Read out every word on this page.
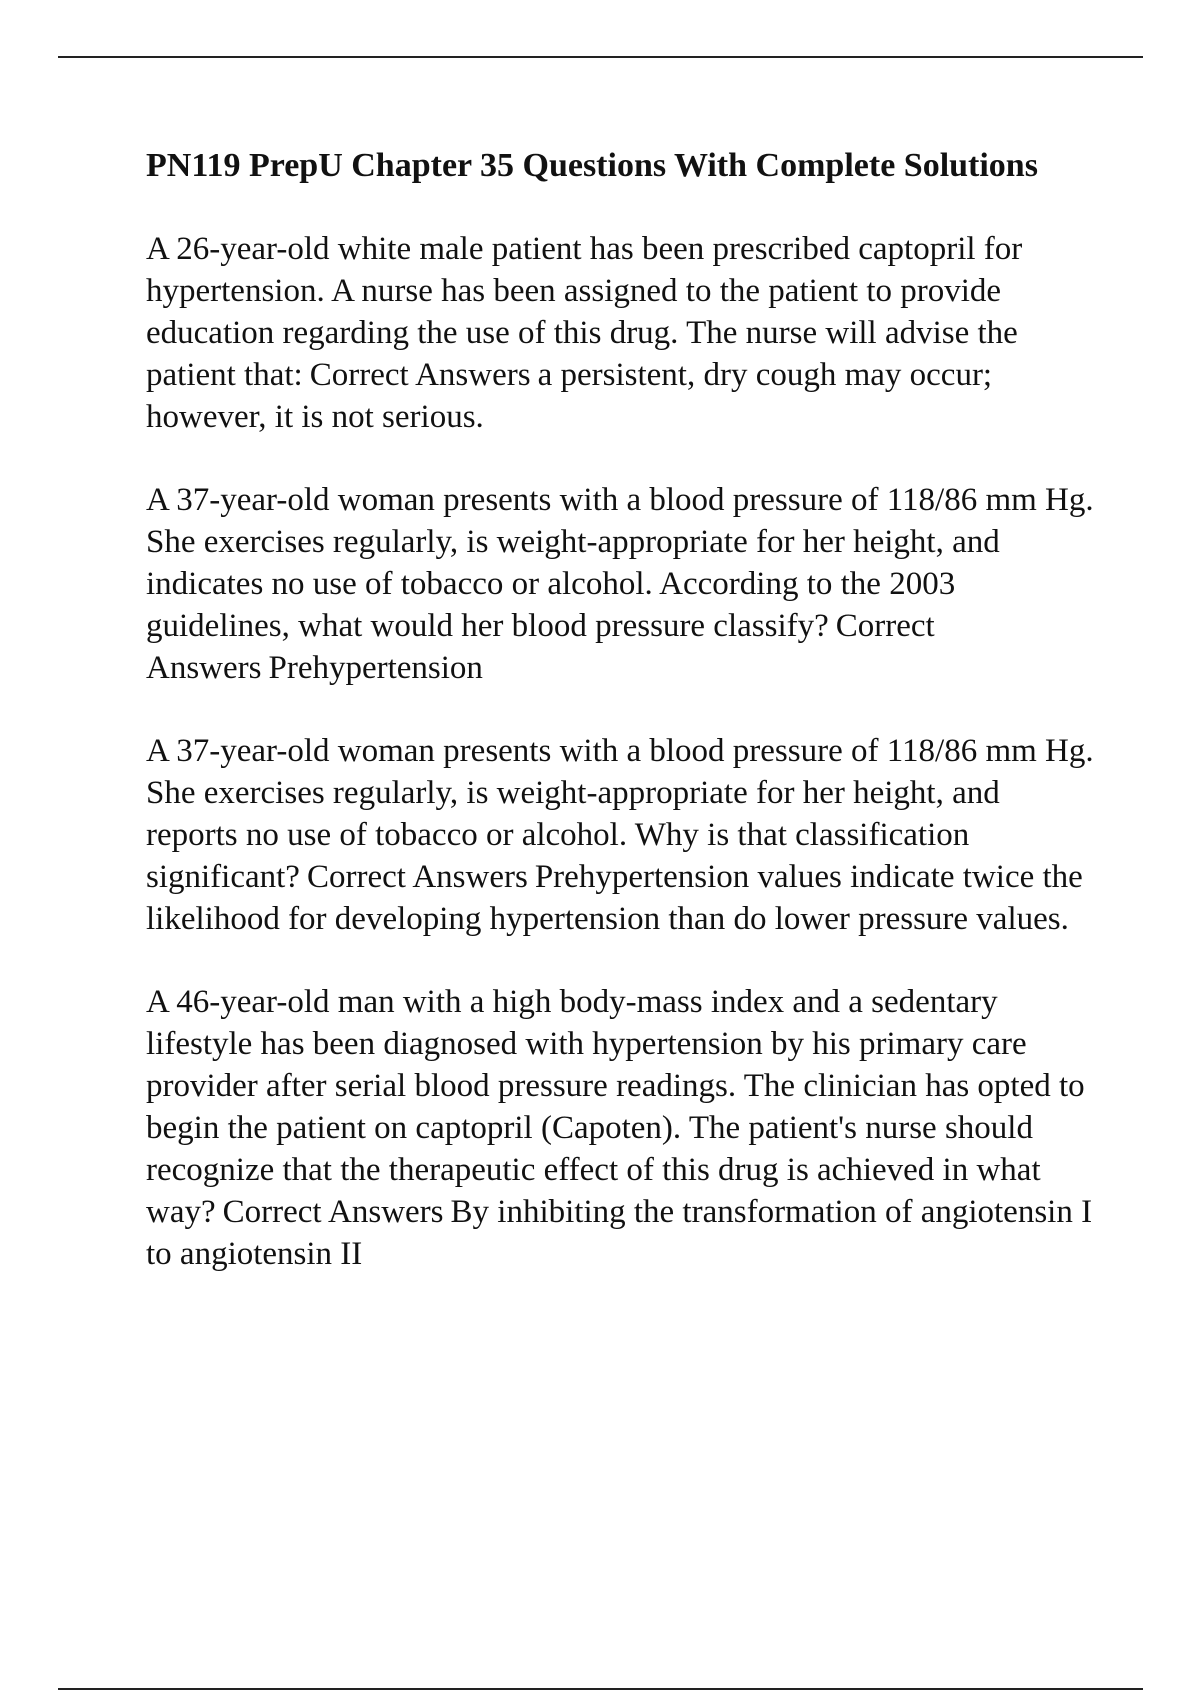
PN119 PrepU Chapter 35 Questions With Complete Solutions

A 26-year-old white male patient has been prescribed captopril for hypertension. A nurse has been assigned to the patient to provide education regarding the use of this drug. The nurse will advise the patient that: Correct Answers a persistent, dry cough may occur; however, it is not serious.

A 37-year-old woman presents with a blood pressure of 118/86 mm Hg. She exercises regularly, is weight-appropriate for her height, and indicates no use of tobacco or alcohol. According to the 2003 guidelines, what would her blood pressure classify? Correct Answers Prehypertension

A 37-year-old woman presents with a blood pressure of 118/86 mm Hg. She exercises regularly, is weight-appropriate for her height, and reports no use of tobacco or alcohol. Why is that classification significant? Correct Answers Prehypertension values indicate twice the likelihood for developing hypertension than do lower pressure values.

A 46-year-old man with a high body-mass index and a sedentary lifestyle has been diagnosed with hypertension by his primary care provider after serial blood pressure readings. The clinician has opted to begin the patient on captopril (Capoten). The patient's nurse should recognize that the therapeutic effect of this drug is achieved in what way? Correct Answers By inhibiting the transformation of angiotensin I to angiotensin II
